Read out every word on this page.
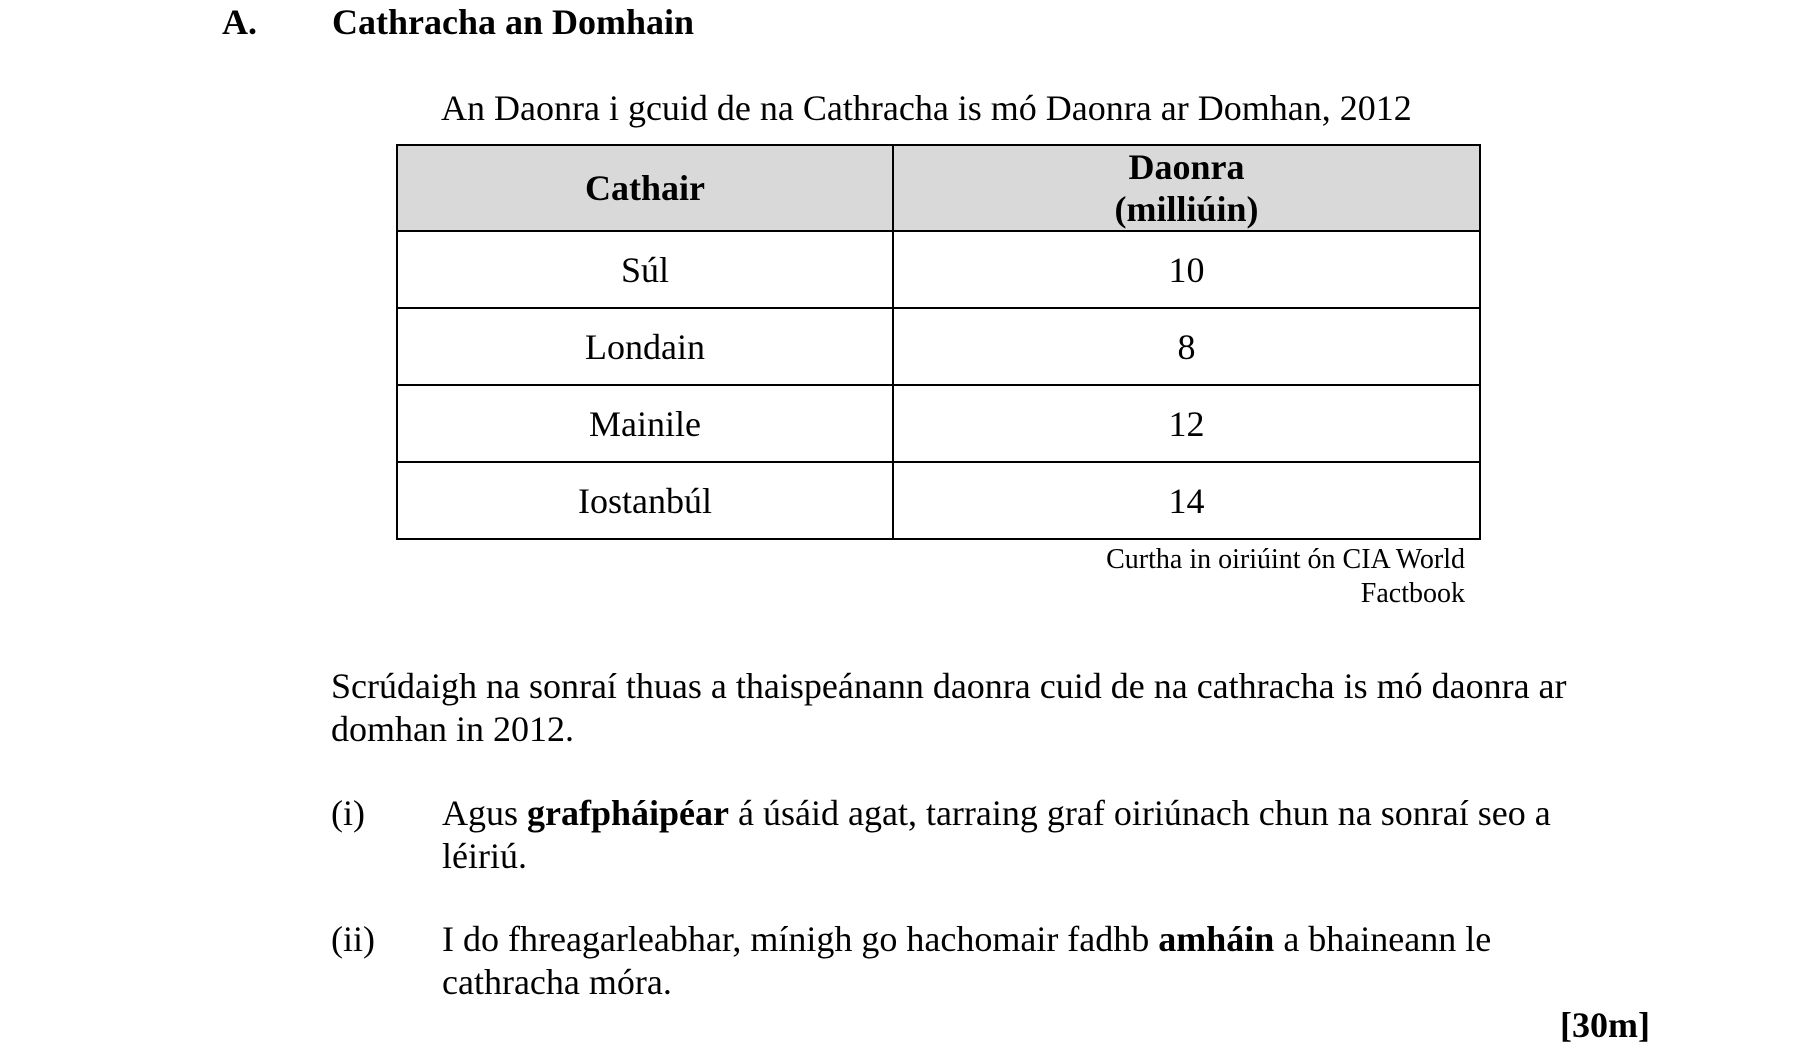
A. Cathracha an Domhain
An Daonra i gcuid de na Cathracha is mó Daonra ar Domhan, 2012
Cathair	Daonra
(milliúin)
Súl	10
Londain	8
Mainile	12
Iostanbúl	14
Curtha in oiriúint ón CIA World Factbook
Scrúdaigh na sonraí thuas a thaispeánann daonra cuid de na cathracha is mó daonra ar domhan in 2012.
(i) Agus grafpháipéar á úsáid agat, tarraing graf oiriúnach chun na sonraí seo a léiriú.
(ii) I do fhreagarleabhar, mínigh go hachomair fadhb amháin a bhaineann le cathracha móra.
[30m]
